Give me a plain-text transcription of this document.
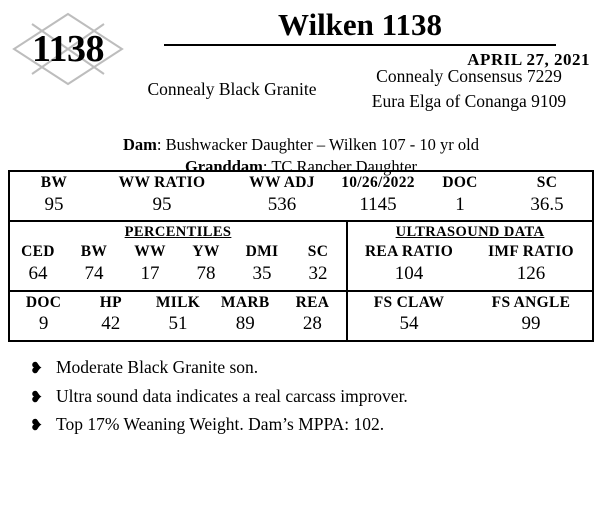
1138
Wilken 1138
APRIL 27, 2021
Connealy Black Granite
Connealy Consensus 7229
Eura Elga of Conanga 9109
Dam: Bushwacker Daughter – Wilken 107 - 10 yr old
Granddam: TC Rancher Daughter
BW
95
WW RATIO
95
WW ADJ
536
10/26/2022
1145
DOC
1
SC
36.5
PERCENTILES
CED
64
BW
74
WW
17
YW
78
DMI
35
SC
32
ULTRASOUND DATA
REA RATIO
104
IMF RATIO
126
DOC
9
HP
42
MILK
51
MARB
89
REA
28
FS CLAW
54
FS ANGLE
99
❥ Moderate Black Granite son.
❥ Ultra sound data indicates a real carcass improver.
❥ Top 17% Weaning Weight. Dam’s MPPA: 102.
